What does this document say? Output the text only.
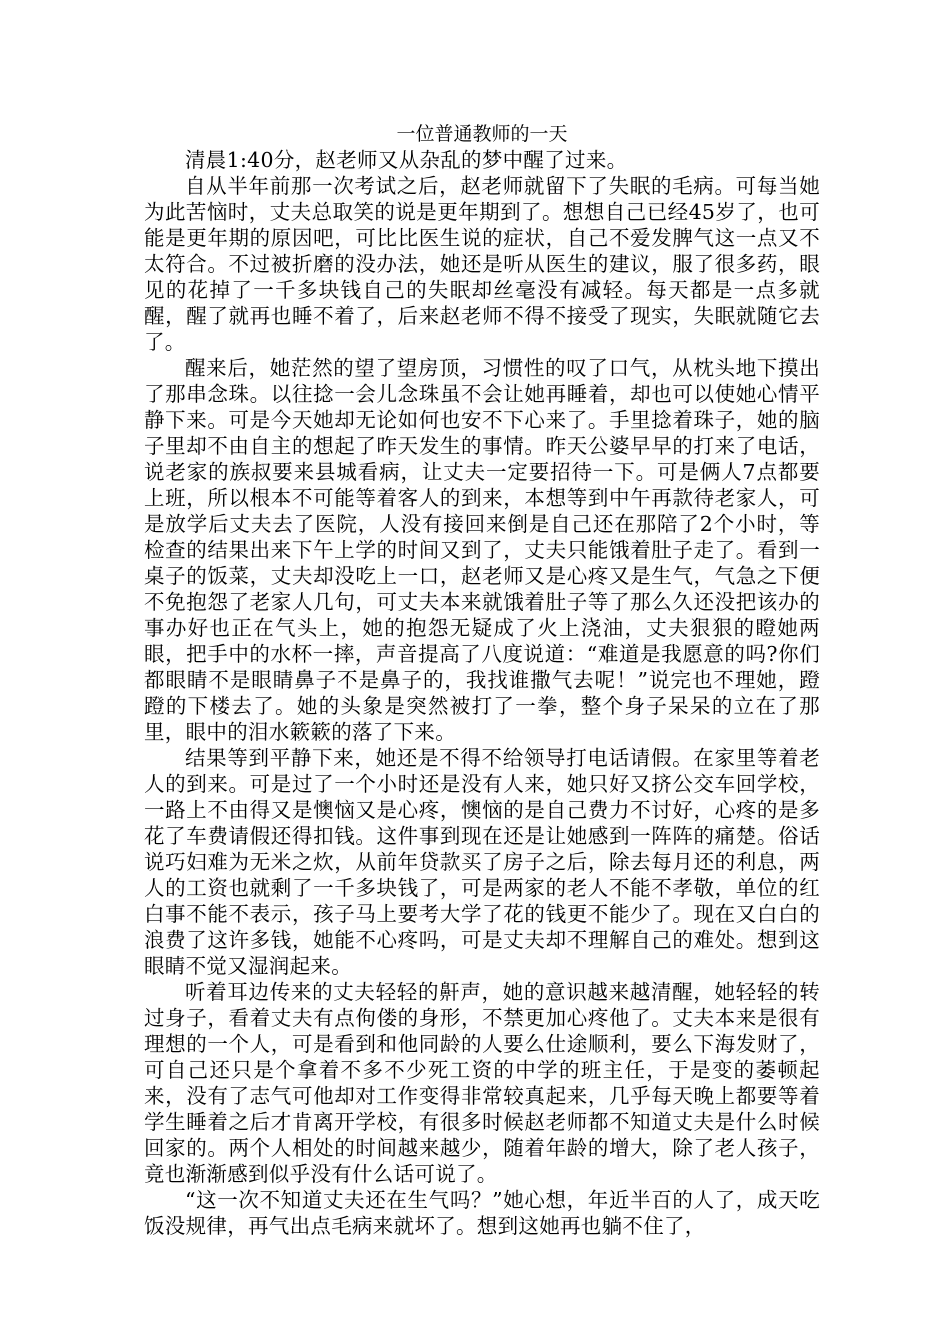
一位普通教师的一天

清晨1:40分，赵老师又从杂乱的梦中醒了过来。

自从半年前那一次考试之后，赵老师就留下了失眠的毛病。可每当她为此苦恼时，丈夫总取笑的说是更年期到了。想想自己已经45岁了，也可能是更年期的原因吧，可比比医生说的症状，自己不爱发脾气这一点又不太符合。不过被折磨的没办法，她还是听从医生的建议，服了很多药，眼见的花掉了一千多块钱自己的失眠却丝毫没有减轻。每天都是一点多就醒，醒了就再也睡不着了，后来赵老师不得不接受了现实，失眠就随它去了。

醒来后，她茫然的望了望房顶，习惯性的叹了口气，从枕头地下摸出了那串念珠。以往捻一会儿念珠虽不会让她再睡着，却也可以使她心情平静下来。可是今天她却无论如何也安不下心来了。手里捻着珠子，她的脑子里却不由自主的想起了昨天发生的事情。昨天公婆早早的打来了电话，说老家的族叔要来县城看病，让丈夫一定要招待一下。可是俩人7点都要上班，所以根本不可能等着客人的到来，本想等到中午再款待老家人，可是放学后丈夫去了医院，人没有接回来倒是自己还在那陪了2个小时，等检查的结果出来下午上学的时间又到了，丈夫只能饿着肚子走了。看到一桌子的饭菜，丈夫却没吃上一口，赵老师又是心疼又是生气，气急之下便不免抱怨了老家人几句，可丈夫本来就饿着肚子等了那么久还没把该办的事办好也正在气头上，她的抱怨无疑成了火上浇油，丈夫狠狠的瞪她两眼，把手中的水杯一摔，声音提高了八度说道：“难道是我愿意的吗?你们都眼睛不是眼睛鼻子不是鼻子的，我找谁撒气去呢！”说完也不理她，蹬蹬的下楼去了。她的头象是突然被打了一拳，整个身子呆呆的立在了那里，眼中的泪水簌簌的落了下来。

结果等到平静下来，她还是不得不给领导打电话请假。在家里等着老人的到来。可是过了一个小时还是没有人来，她只好又挤公交车回学校，一路上不由得又是懊恼又是心疼，懊恼的是自己费力不讨好，心疼的是多花了车费请假还得扣钱。这件事到现在还是让她感到一阵阵的痛楚。俗话说巧妇难为无米之炊，从前年贷款买了房子之后，除去每月还的利息，两人的工资也就剩了一千多块钱了，可是两家的老人不能不孝敬，单位的红白事不能不表示，孩子马上要考大学了花的钱更不能少了。现在又白白的浪费了这许多钱，她能不心疼吗，可是丈夫却不理解自己的难处。想到这眼睛不觉又湿润起来。

听着耳边传来的丈夫轻轻的鼾声，她的意识越来越清醒，她轻轻的转过身子，看着丈夫有点佝偻的身形，不禁更加心疼他了。丈夫本来是很有理想的一个人，可是看到和他同龄的人要么仕途顺利，要么下海发财了，可自己还只是个拿着不多不少死工资的中学的班主任，于是变的萎顿起来，没有了志气可他却对工作变得非常较真起来，几乎每天晚上都要等着学生睡着之后才肯离开学校，有很多时候赵老师都不知道丈夫是什么时候回家的。两个人相处的时间越来越少，随着年龄的增大，除了老人孩子，竟也渐渐感到似乎没有什么话可说了。

“这一次不知道丈夫还在生气吗？”她心想，年近半百的人了，成天吃饭没规律，再气出点毛病来就坏了。想到这她再也躺不住了，
